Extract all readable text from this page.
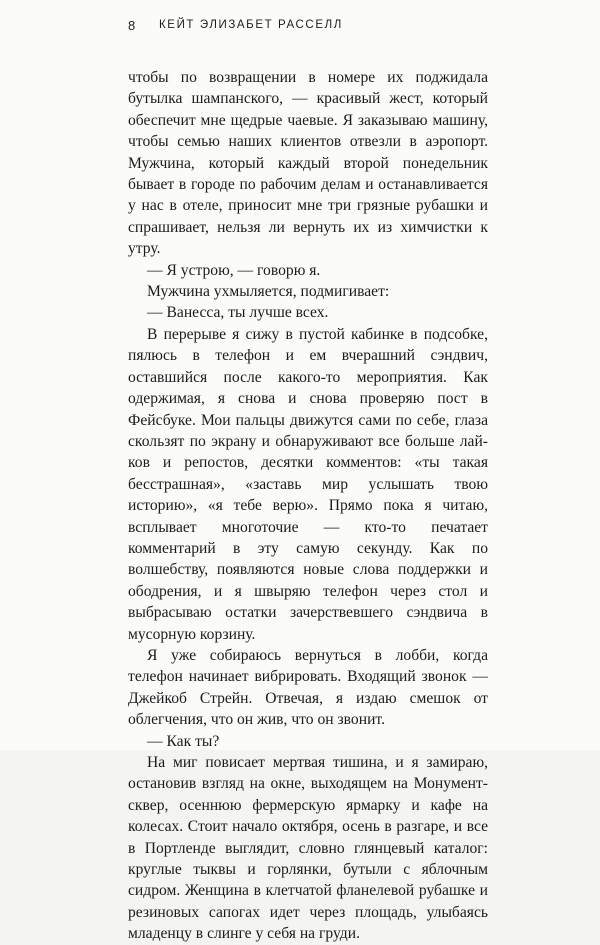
8 КЕЙТ ЭЛИЗАБЕТ РАССЕЛЛ

чтобы по возвращении в номере их поджидала бутылка шампанского, — красивый жест, который обеспечит мне щедрые чаевые. Я заказываю машину, чтобы семью наших клиентов отвезли в аэропорт. Мужчина, который каждый второй понедельник бывает в городе по рабочим делам и останавливается у нас в отеле, приносит мне три грязные рубашки и спрашивает, нельзя ли вернуть их из химчистки к утру.

— Я устрою, — говорю я.

Мужчина ухмыляется, подмигивает:

— Ванесса, ты лучше всех.

В перерыве я сижу в пустой кабинке в подсобке, пялюсь в телефон и ем вчерашний сэндвич, оставшийся после какого-то мероприятия. Как одержимая, я снова и снова проверяю пост в Фейсбуке. Мои пальцы движутся сами по себе, глаза скользят по экрану и обнаруживают все больше лайков и репостов, десятки комментов: «ты такая бесстрашная», «заставь мир услышать твою историю», «я тебе верю». Прямо пока я читаю, всплывает многоточие — кто-то печатает комментарий в эту самую секунду. Как по волшебству, появляются новые слова поддержки и ободрения, и я швыряю телефон через стол и выбрасываю остатки зачерствевшего сэндвича в мусорную корзину.

Я уже собираюсь вернуться в лобби, когда телефон начинает вибрировать. Входящий звонок — Джейкоб Стрейн. Отвечая, я издаю смешок от облегчения, что он жив, что он звонит.

— Как ты?

На миг повисает мертвая тишина, и я замираю, остановив взгляд на окне, выходящем на Монумент-сквер, осеннюю фермерскую ярмарку и кафе на колесах. Стоит начало октября, осень в разгаре, и все в Портленде выглядит, словно глянцевый каталог: круглые тыквы и горлянки, бутыли с яблочным сидром. Женщина в клетчатой фланелевой рубашке и резиновых сапогах идет через площадь, улыбаясь младенцу в слинге у себя на груди.
